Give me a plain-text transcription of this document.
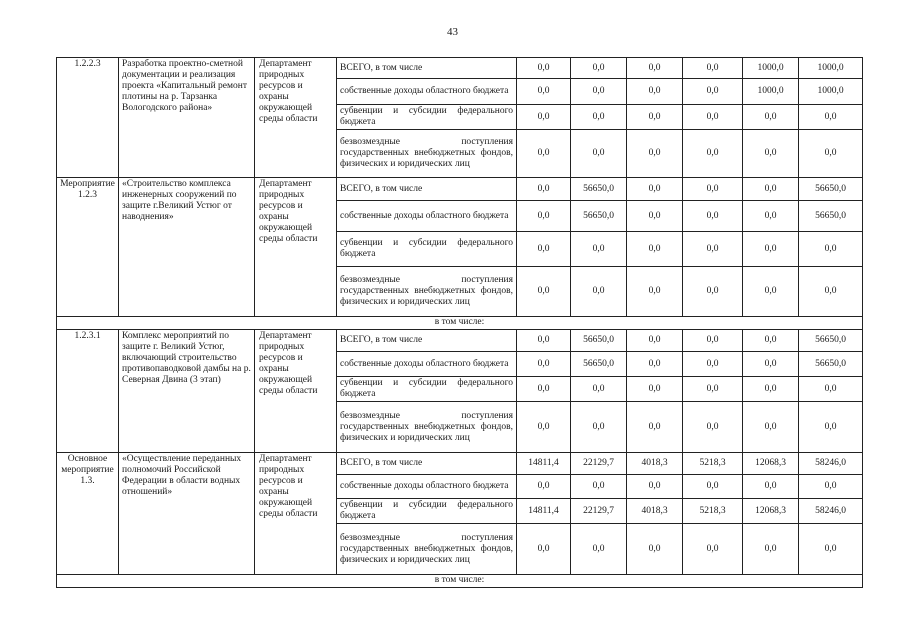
43
1.2.2.3	Разработка проектно-сметной документации и реализация проекта «Капитальный ремонт плотины на р. Тарзанка Вологодского района»	Департамент природных ресурсов и охраны окружающей среды области	ВСЕГО, в том числе	0,0	0,0	0,0	0,0	1000,0	1000,0
			собственные доходы областного бюджета	0,0	0,0	0,0	0,0	1000,0	1000,0
			субвенции и субсидии федерального бюджета	0,0	0,0	0,0	0,0	0,0	0,0
			безвозмездные поступления государственных внебюджетных фондов, физических и юридических лиц	0,0	0,0	0,0	0,0	0,0	0,0
Мероприятие 1.2.3	«Строительство комплекса инженерных сооружений по защите г.Великий Устюг от наводнения»	Департамент природных ресурсов и охраны окружающей среды области	ВСЕГО, в том числе	0,0	56650,0	0,0	0,0	0,0	56650,0
			собственные доходы областного бюджета	0,0	56650,0	0,0	0,0	0,0	56650,0
			субвенции и субсидии федерального бюджета	0,0	0,0	0,0	0,0	0,0	0,0
			безвозмездные поступления государственных внебюджетных фондов, физических и юридических лиц	0,0	0,0	0,0	0,0	0,0	0,0
в том числе:									
1.2.3.1	Комплекс мероприятий по защите г. Великий Устюг, включающий строительство противопаводковой дамбы на р. Северная Двина (3 этап)	Департамент природных ресурсов и охраны окружающей среды области	ВСЕГО, в том числе	0,0	56650,0	0,0	0,0	0,0	56650,0
			собственные доходы областного бюджета	0,0	56650,0	0,0	0,0	0,0	56650,0
			субвенции и субсидии федерального бюджета	0,0	0,0	0,0	0,0	0,0	0,0
			безвозмездные поступления государственных внебюджетных фондов, физических и юридических лиц	0,0	0,0	0,0	0,0	0,0	0,0
Основное мероприятие 1.3.	«Осуществление переданных полномочий Российской Федерации в области водных отношений»	Департамент природных ресурсов и охраны окружающей среды области	ВСЕГО, в том числе	14811,4	22129,7	4018,3	5218,3	12068,3	58246,0
			собственные доходы областного бюджета	0,0	0,0	0,0	0,0	0,0	0,0
			субвенции и субсидии федерального бюджета	14811,4	22129,7	4018,3	5218,3	12068,3	58246,0
			безвозмездные поступления государственных внебюджетных фондов, физических и юридических лиц	0,0	0,0	0,0	0,0	0,0	0,0
в том числе:									
